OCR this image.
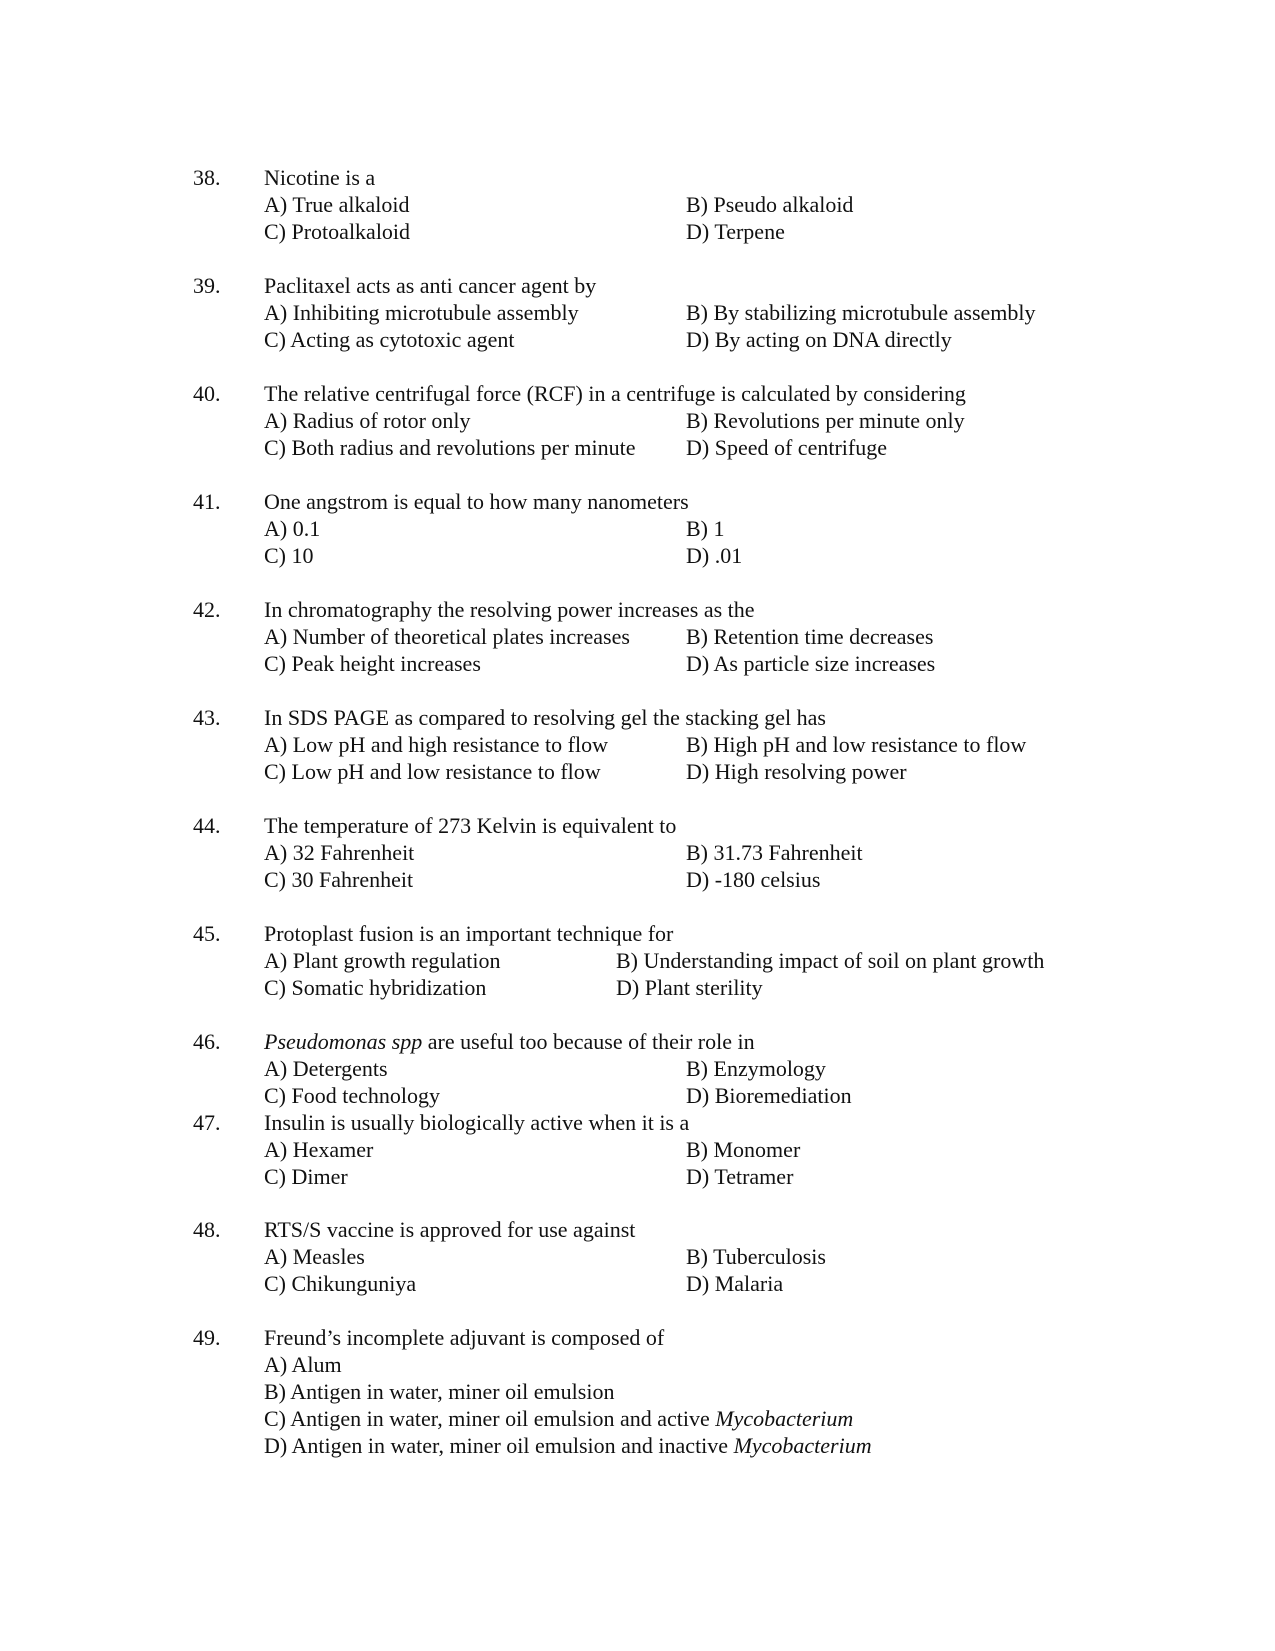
38. Nicotine is a
A) True alkaloid	B) Pseudo alkaloid
C) Protoalkaloid	D) Terpene
39. Paclitaxel acts as anti cancer agent by
A) Inhibiting microtubule assembly	B) By stabilizing microtubule assembly
C) Acting as cytotoxic agent	D) By acting on DNA directly
40. The relative centrifugal force (RCF) in a centrifuge is calculated by considering
A) Radius of rotor only	B) Revolutions per minute only
C) Both radius and revolutions per minute D) Speed of centrifuge
41. One angstrom is equal to how many nanometers
A) 0.1	B) 1
C) 10	D) .01
42. In chromatography the resolving power increases as the
A) Number of theoretical plates increases	B) Retention time decreases
C) Peak height increases	D) As particle size increases
43. In SDS PAGE as compared to resolving gel the stacking gel has
A) Low pH and high resistance to flow	B) High pH and low resistance to flow
C) Low pH and low resistance to flow	D) High resolving power
44. The temperature of 273 Kelvin is equivalent to
A) 32 Fahrenheit	B) 31.73 Fahrenheit
C) 30 Fahrenheit	D) -180 celsius
45. Protoplast fusion is an important technique for
A) Plant growth regulation	B) Understanding impact of soil on plant growth
C) Somatic hybridization	D) Plant sterility
46. Pseudomonas spp are useful too because of their role in
A) Detergents	B) Enzymology
C) Food technology	D) Bioremediation
47. Insulin is usually biologically active when it is a
A) Hexamer	B) Monomer
C) Dimer	D) Tetramer
48. RTS/S vaccine is approved for use against
A) Measles	B) Tuberculosis
C) Chikunguniya	D) Malaria
49. Freund’s incomplete adjuvant is composed of
A) Alum
B) Antigen in water, miner oil emulsion
C) Antigen in water, miner oil emulsion and active Mycobacterium
D) Antigen in water, miner oil emulsion and inactive Mycobacterium
